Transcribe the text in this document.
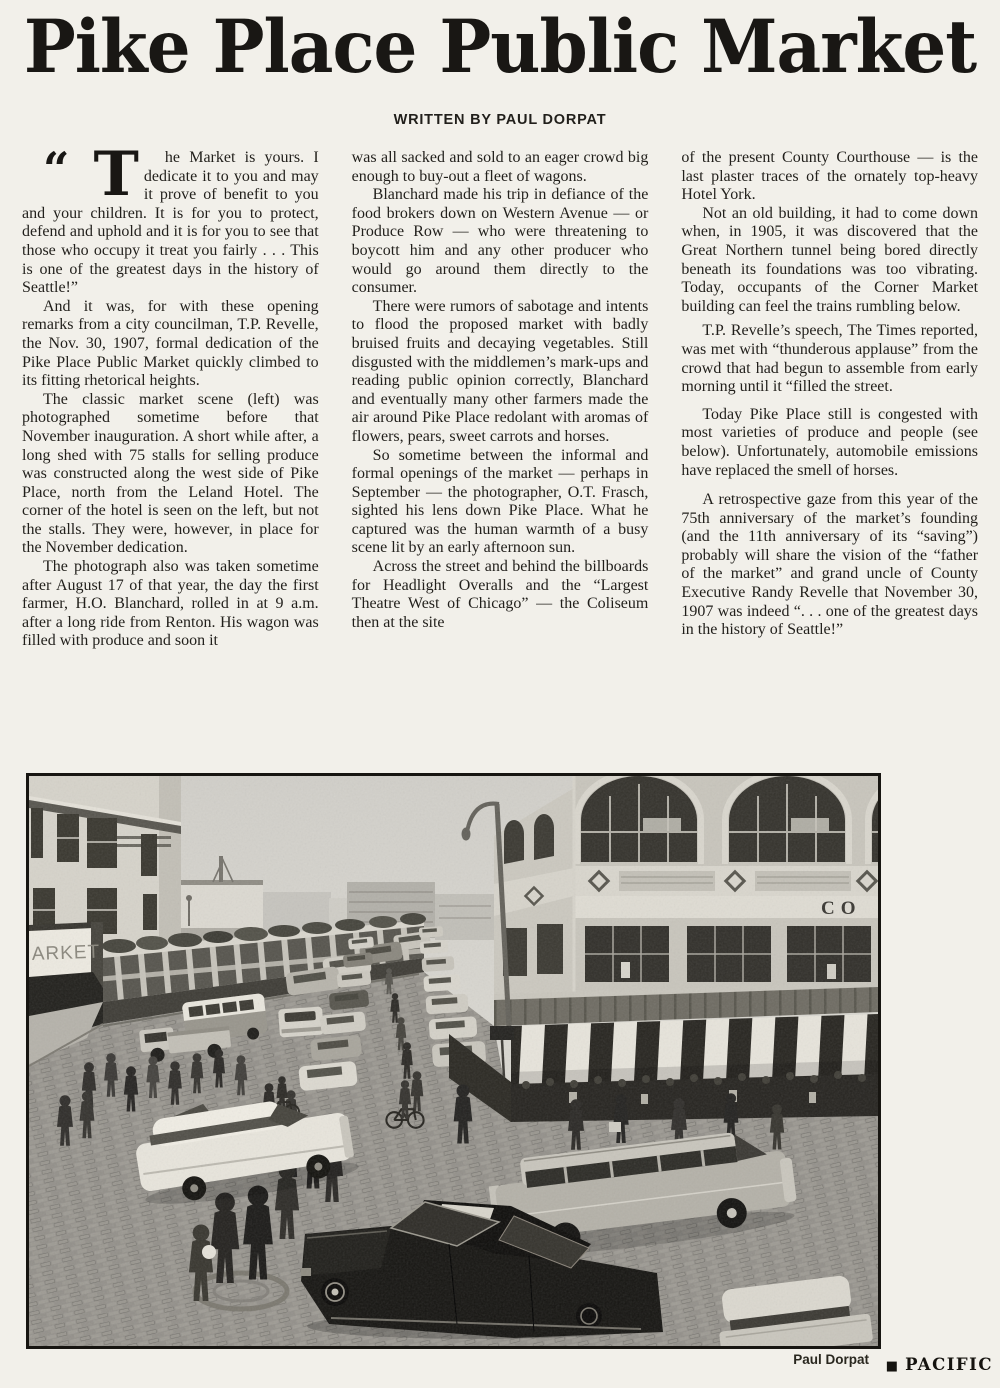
Pike Place Public Market
WRITTEN BY PAUL DORPAT

“ T he Market is yours. I dedicate it to you and may it prove of benefit to you and your children. It is for you to protect, defend and uphold and it is for you to see that those who occupy it treat you fairly . . . This is one of the greatest days in the history of Seattle!”

And it was, for with these opening remarks from a city councilman, T.P. Revelle, the Nov. 30, 1907, formal dedication of the Pike Place Public Market quickly climbed to its fitting rhetorical heights.

The classic market scene (left) was photographed sometime before that November inauguration. A short while after, a long shed with 75 stalls for selling produce was constructed along the west side of Pike Place, north from the Leland Hotel. The corner of the hotel is seen on the left, but not the stalls. They were, however, in place for the November dedication.

The photograph also was taken sometime after August 17 of that year, the day the first farmer, H.O. Blanchard, rolled in at 9 a.m. after a long ride from Renton. His wagon was filled with produce and soon it

was all sacked and sold to an eager crowd big enough to buy-out a fleet of wagons.

Blanchard made his trip in defiance of the food brokers down on Western Avenue — or Produce Row — who were threatening to boycott him and any other producer who would go around them directly to the consumer.

There were rumors of sabotage and intents to flood the proposed market with badly bruised fruits and decaying vegetables. Still disgusted with the middlemen’s mark-ups and reading public opinion correctly, Blanchard and eventually many other farmers made the air around Pike Place redolant with aromas of flowers, pears, sweet carrots and horses.

So sometime between the informal and formal openings of the market — perhaps in September — the photographer, O.T. Frasch, sighted his lens down Pike Place. What he captured was the human warmth of a busy scene lit by an early afternoon sun.

Across the street and behind the billboards for Headlight Overalls and the “Largest Theatre West of Chicago” — the Coliseum then at the site

of the present County Courthouse — is the last plaster traces of the ornately top-heavy Hotel York.

Not an old building, it had to come down when, in 1905, it was discovered that the Great Northern tunnel being bored directly beneath its foundations was too vibrating. Today, occupants of the Corner Market building can feel the trains rumbling below.

T.P. Revelle’s speech, The Times reported, was met with “thunderous applause” from the crowd that had begun to assemble from early morning until it “filled the street.

Today Pike Place still is congested with most varieties of produce and people (see below). Unfortunately, automobile emissions have replaced the smell of horses.

A retrospective gaze from this year of the 75th anniversary of the market’s founding (and the 11th anniversary of its “saving”) probably will share the vision of the “father of the market” and grand uncle of County Executive Randy Revelle that November 30, 1907 was indeed “. . . one of the greatest days in the history of Seattle!”

ARKET
CO
Paul Dorpat	■ PACIFIC
